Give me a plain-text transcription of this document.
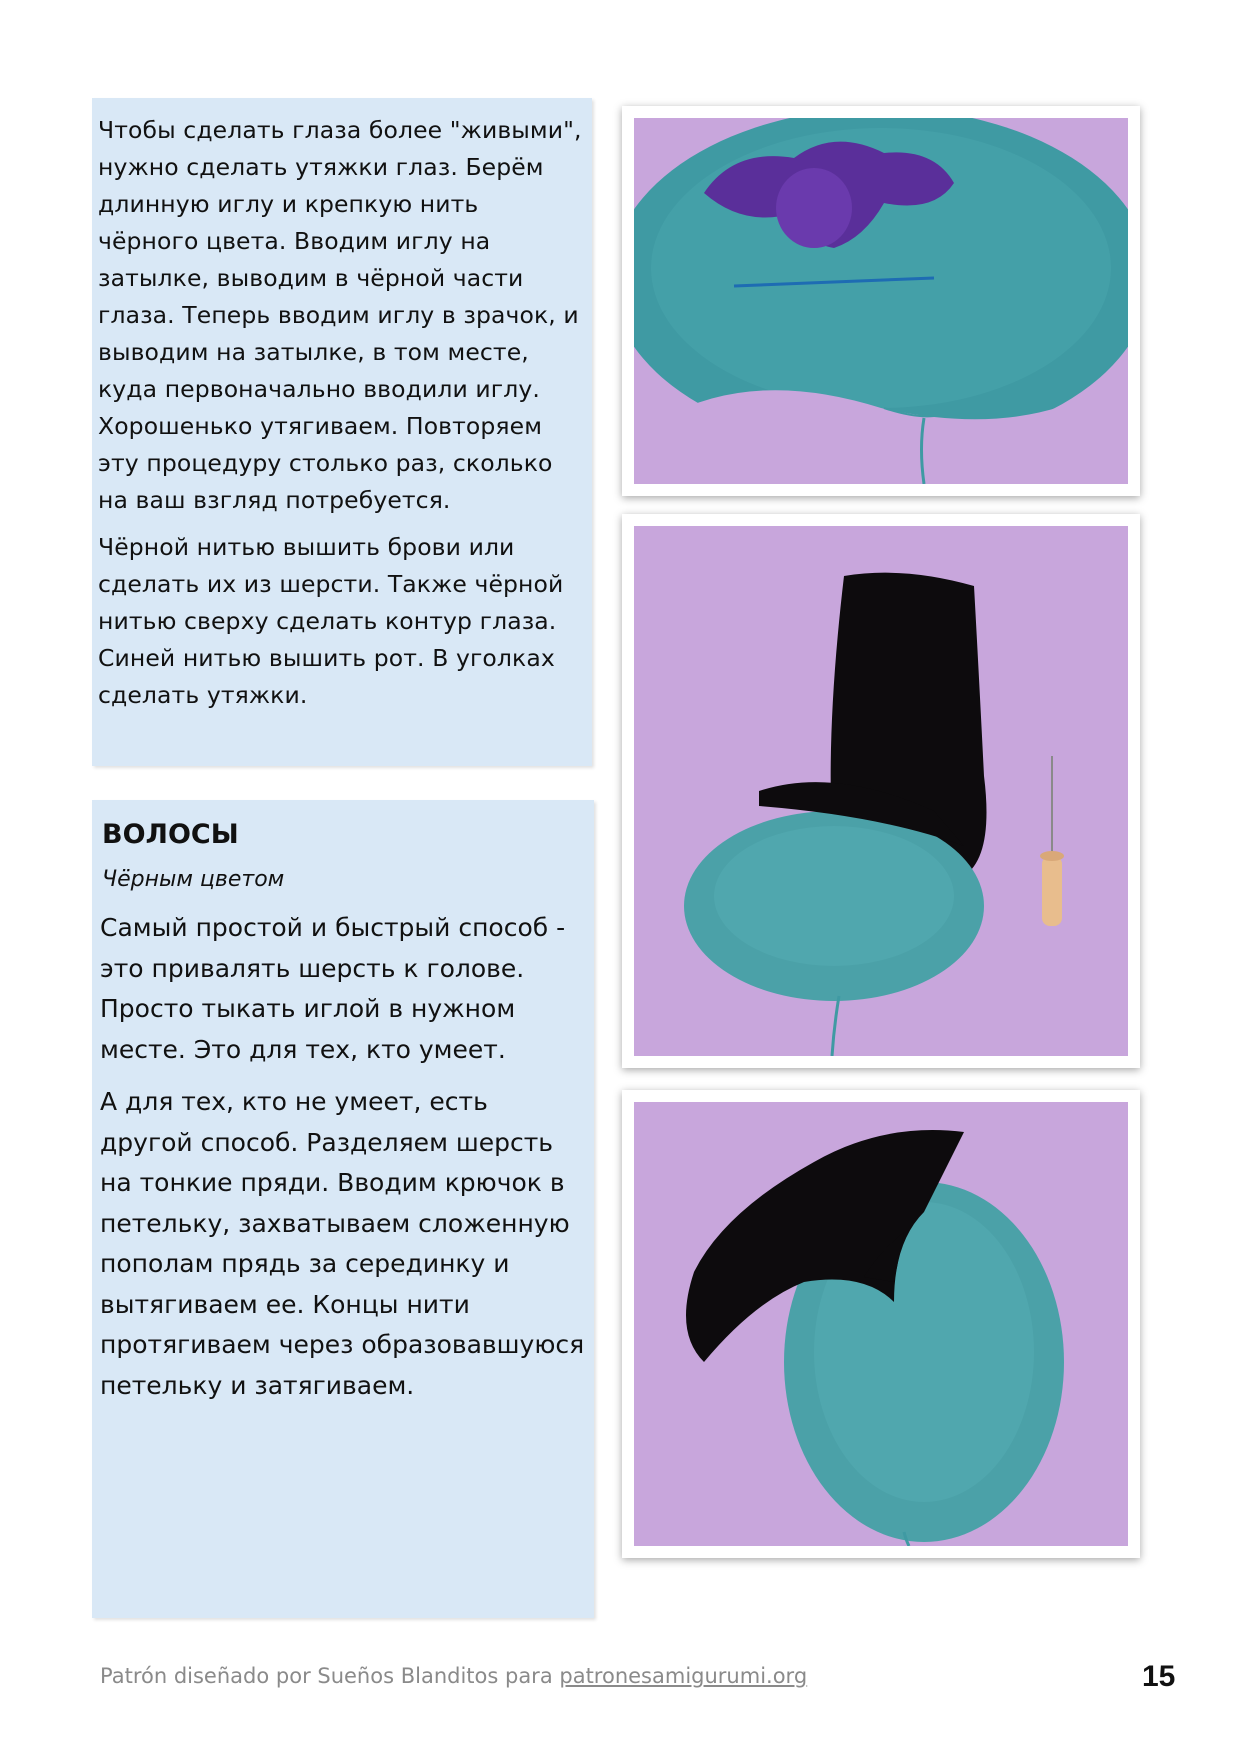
Чтобы сделать глаза более "живыми", нужно сделать утяжки глаз. Берём длинную иглу и крепкую нить чёрного цвета. Вводим иглу на затылке, выводим в чёрной части глаза. Теперь вводим иглу в зрачок, и выводим на затылке, в том месте, куда первоначально вводили иглу. Хорошенько утягиваем. Повторяем эту процедуру столько раз, сколько на ваш взгляд потребуется.

Чёрной нитью вышить брови или сделать их из шерсти. Также чёрной нитью сверху сделать контур глаза. Синей нитью вышить рот. В уголках сделать утяжки.

ВОЛОСЫ
Чёрным цветом

Самый простой и быстрый способ - это привалять шерсть к голове. Просто тыкать иглой в нужном месте. Это для тех, кто умеет.

А для тех, кто не умеет, есть другой способ. Разделяем шерсть на тонкие пряди. Вводим крючок в петельку, захватываем сложенную пополам прядь за серединку и вытягиваем ее. Концы нити протягиваем через образовавшуюся петельку и затягиваем.

Patrón diseñado por Sueños Blanditos para patronesamigurumi.org	15
